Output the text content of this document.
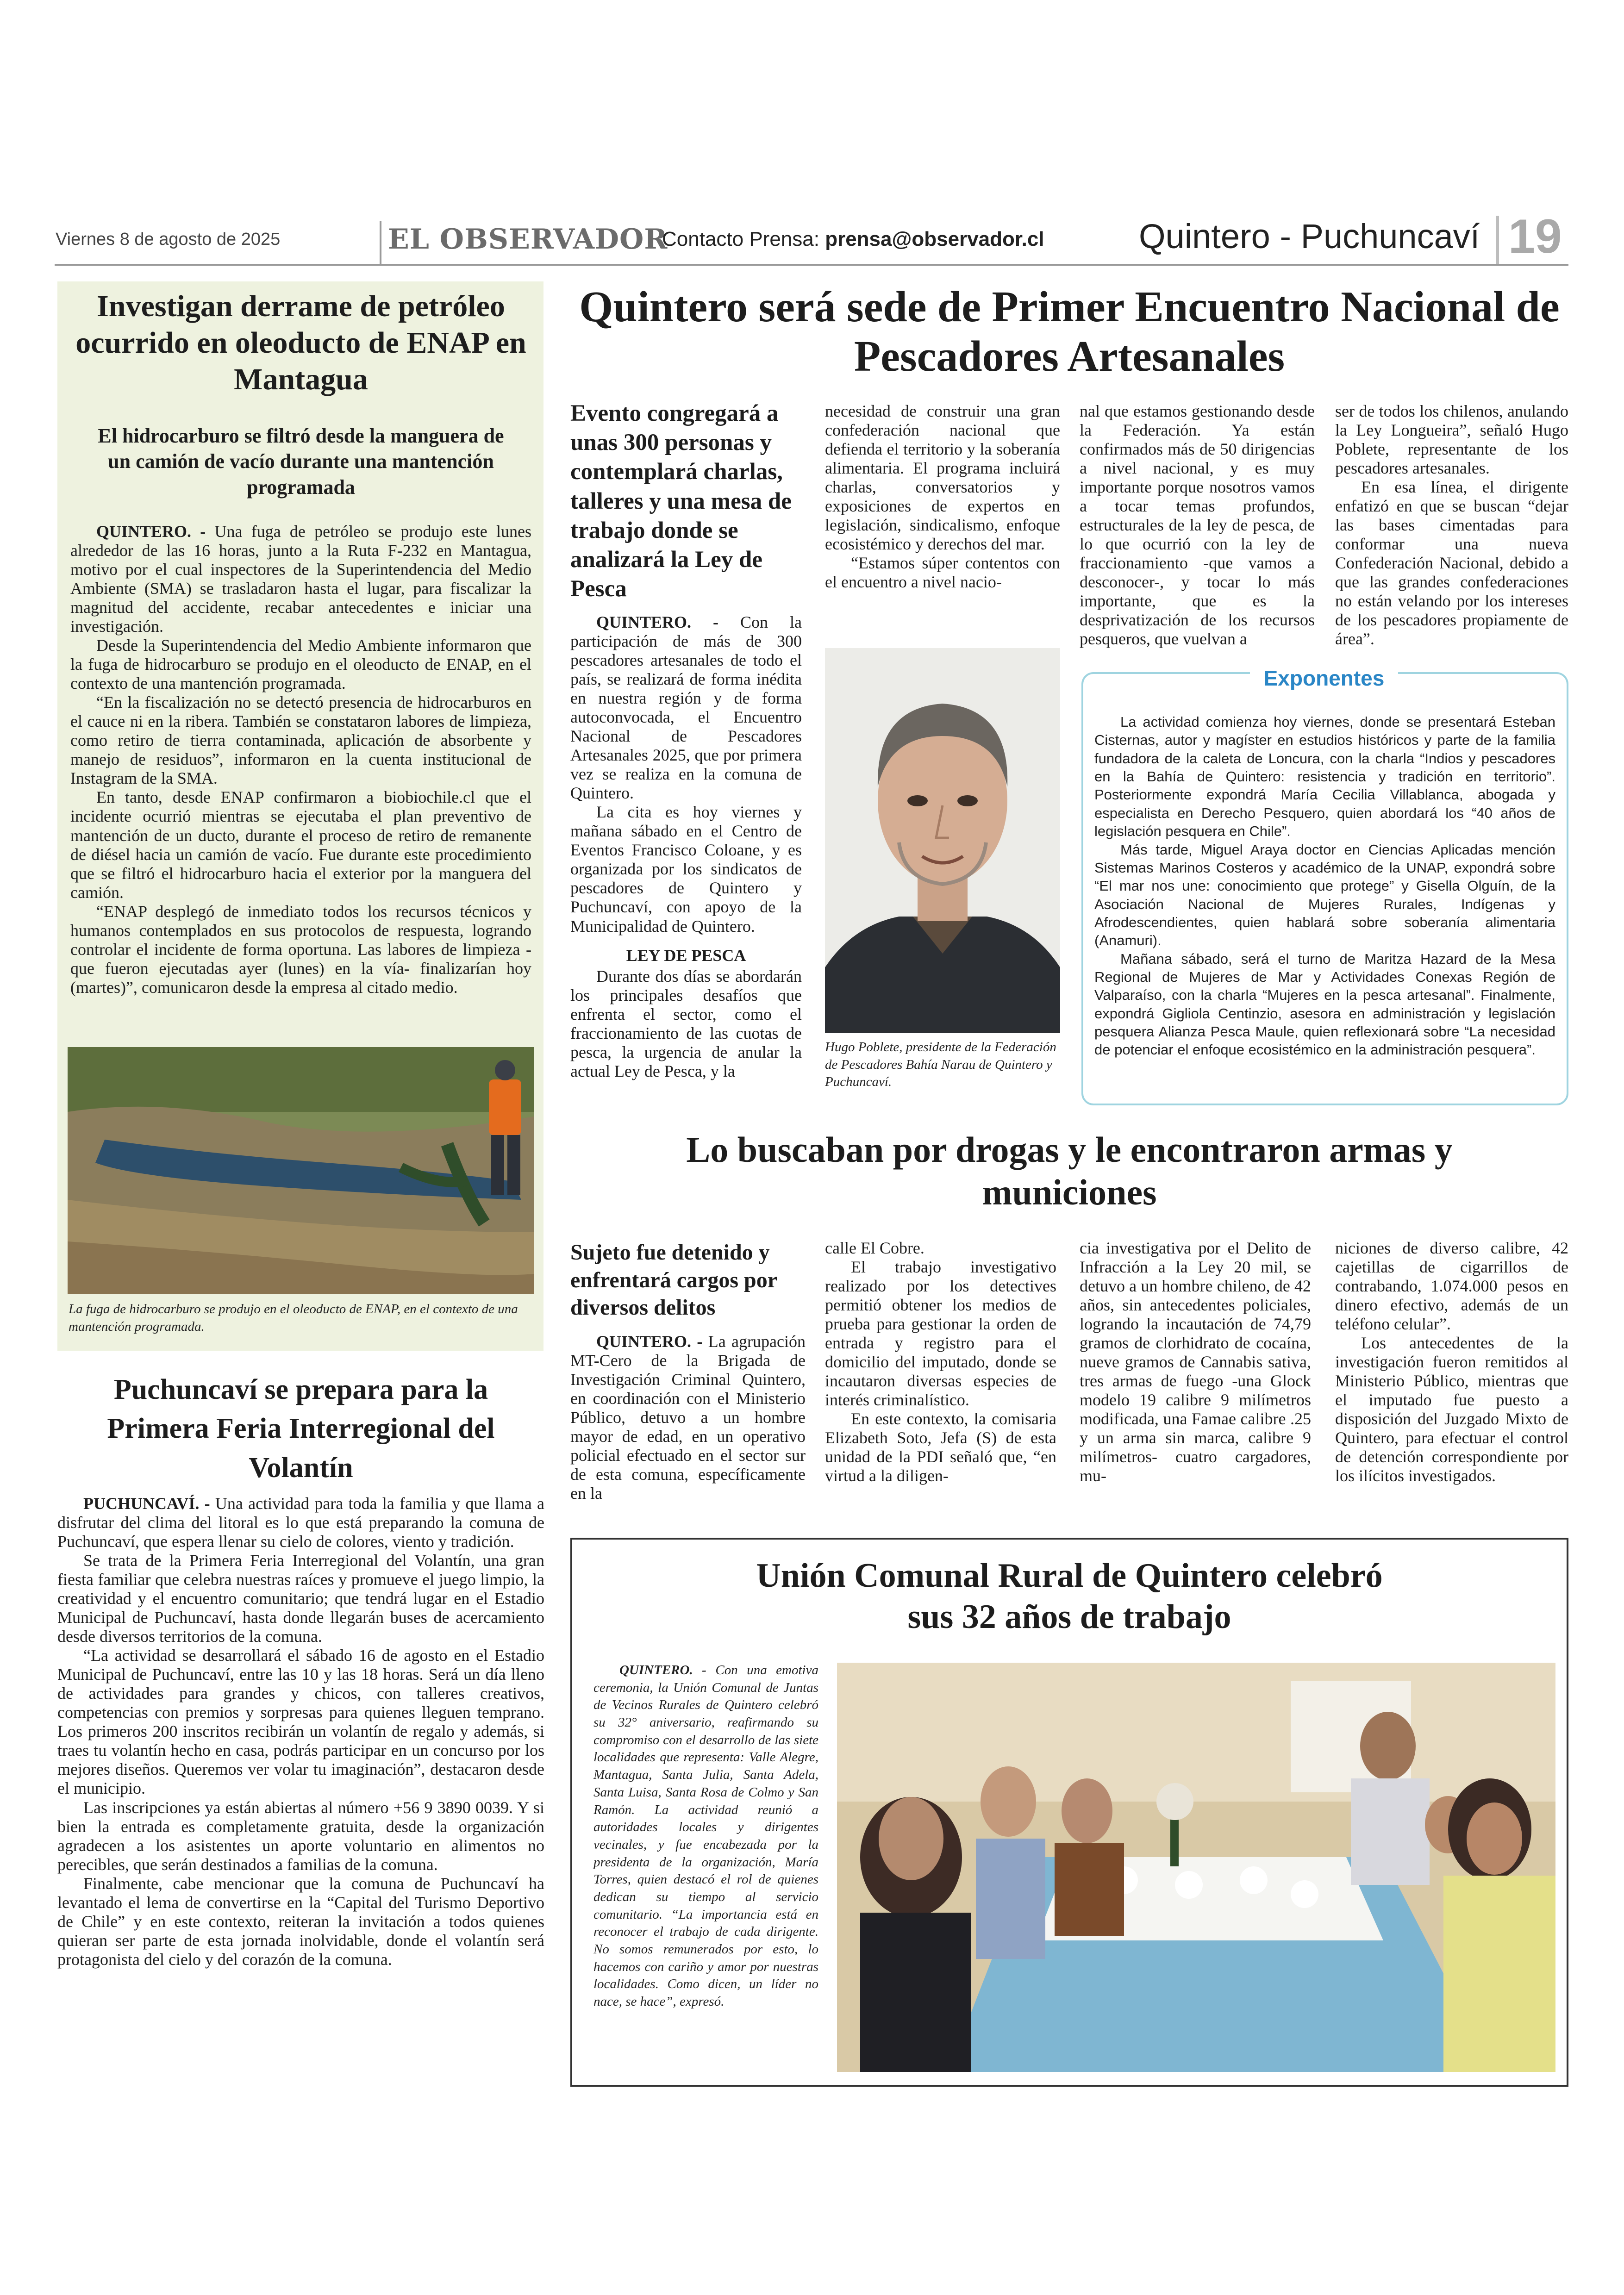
Viernes 8 de agosto de 2025	EL OBSERVADOR
Contacto Prensa: prensa@observador.cl	Quintero - Puchuncaví 19
Investigan derrame de petróleo ocurrido en oleoducto de ENAP en Mantagua
El hidrocarburo se filtró desde la manguera de un camión de vacío durante una mantención programada

QUINTERO. - Una fuga de petróleo se produjo este lunes alrededor de las 16 horas, junto a la Ruta F-232 en Mantagua, motivo por el cual inspectores de la Superintendencia del Medio Ambiente (SMA) se trasladaron hasta el lugar, para fiscalizar la magnitud del accidente, recabar antecedentes e iniciar una investigación.

Desde la Superintendencia del Medio Ambiente informaron que la fuga de hidrocarburo se produjo en el oleoducto de ENAP, en el contexto de una mantención programada.

“En la fiscalización no se detectó presencia de hidrocarburos en el cauce ni en la ribera. También se constataron labores de limpieza, como retiro de tierra contaminada, aplicación de absorbente y manejo de residuos”, informaron en la cuenta institucional de Instagram de la SMA.

En tanto, desde ENAP confirmaron a biobiochile.cl que el incidente ocurrió mientras se ejecutaba el plan preventivo de mantención de un ducto, durante el proceso de retiro de remanente de diésel hacia un camión de vacío. Fue durante este procedimiento que se filtró el hidrocarburo hacia el exterior por la manguera del camión.

“ENAP desplegó de inmediato todos los recursos técnicos y humanos contemplados en sus protocolos de respuesta, logrando controlar el incidente de forma oportuna. Las labores de limpieza -que fueron ejecutadas ayer (lunes) en la vía- finalizarían hoy (martes)”, comunicaron desde la empresa al citado medio.

La fuga de hidrocarburo se produjo en el oleoducto de ENAP, en el contexto de una mantención programada.
Puchuncaví se prepara para la Primera Feria Interregional del Volantín

PUCHUNCAVÍ. - Una actividad para toda la familia y que llama a disfrutar del clima del litoral es lo que está preparando la comuna de Puchuncaví, que espera llenar su cielo de colores, viento y tradición.

Se trata de la Primera Feria Interregional del Volantín, una gran fiesta familiar que celebra nuestras raíces y promueve el juego limpio, la creatividad y el encuentro comunitario; que tendrá lugar en el Estadio Municipal de Puchuncaví, hasta donde llegarán buses de acercamiento desde diversos territorios de la comuna.

“La actividad se desarrollará el sábado 16 de agosto en el Estadio Municipal de Puchuncaví, entre las 10 y las 18 horas. Será un día lleno de actividades para grandes y chicos, con talleres creativos, competencias con premios y sorpresas para quienes lleguen temprano. Los primeros 200 inscritos recibirán un volantín de regalo y además, si traes tu volantín hecho en casa, podrás participar en un concurso por los mejores diseños. Queremos ver volar tu imaginación”, destacaron desde el municipio.

Las inscripciones ya están abiertas al número +56 9 3890 0039. Y si bien la entrada es completamente gratuita, desde la organización agradecen a los asistentes un aporte voluntario en alimentos no perecibles, que serán destinados a familias de la comuna.

Finalmente, cabe mencionar que la comuna de Puchuncaví ha levantado el lema de convertirse en la “Capital del Turismo Deportivo de Chile” y en este contexto, reiteran la invitación a todos quienes quieran ser parte de esta jornada inolvidable, donde el volantín será protagonista del cielo y del corazón de la comuna.

Quintero será sede de Primer Encuentro Nacional de Pescadores Artesanales
Evento congregará a unas 300 personas y contemplará charlas, talleres y una mesa de trabajo donde se analizará la Ley de Pesca

QUINTERO. - Con la participación de más de 300 pescadores artesanales de todo el país, se realizará de forma inédita en nuestra región y de forma autoconvocada, el Encuentro Nacional de Pescadores Artesanales 2025, que por primera vez se realiza en la comuna de Quintero.

La cita es hoy viernes y mañana sábado en el Centro de Eventos Francisco Coloane, y es organizada por los sindicatos de pescadores de Quintero y Puchuncaví, con apoyo de la Municipalidad de Quintero.

LEY DE PESCA

Durante dos días se abordarán los principales desafíos que enfrenta el sector, como el fraccionamiento de las cuotas de pesca, la urgencia de anular la actual Ley de Pesca, y la

necesidad de construir una gran confederación nacional que defienda el territorio y la soberanía alimentaria. El programa incluirá charlas, conversatorios y exposiciones de expertos en legislación, sindicalismo, enfoque ecosistémico y derechos del mar.

“Estamos súper contentos con el encuentro a nivel nacio-

Hugo Poblete, presidente de la Federación de Pescadores Bahía Narau de Quintero y Puchuncaví.

nal que estamos gestionando desde la Federación. Ya están confirmados más de 50 dirigencias a nivel nacional, y es muy importante porque nosotros vamos a tocar temas profundos, estructurales de la ley de pesca, de lo que ocurrió con la ley de fraccionamiento -que vamos a desconocer-, y tocar lo más importante, que es la desprivatización de los recursos pesqueros, que vuelvan a

ser de todos los chilenos, anulando la Ley Longueira”, señaló Hugo Poblete, representante de los pescadores artesanales.

En esa línea, el dirigente enfatizó en que se buscan “dejar las bases cimentadas para conformar una nueva Confederación Nacional, debido a que las grandes confederaciones no están velando por los intereses de los pescadores propiamente de área”.

Exponentes

La actividad comienza hoy viernes, donde se presentará Esteban Cisternas, autor y magíster en estudios históricos y parte de la familia fundadora de la caleta de Loncura, con la charla “Indios y pescadores en la Bahía de Quintero: resistencia y tradición en territorio”. Posteriormente expondrá María Cecilia Villablanca, abogada y especialista en Derecho Pesquero, quien abordará los “40 años de legislación pesquera en Chile”.

Más tarde, Miguel Araya doctor en Ciencias Aplicadas mención Sistemas Marinos Costeros y académico de la UNAP, expondrá sobre “El mar nos une: conocimiento que protege” y Gisella Olguín, de la Asociación Nacional de Mujeres Rurales, Indígenas y Afrodescendientes, quien hablará sobre soberanía alimentaria (Anamuri).

Mañana sábado, será el turno de Maritza Hazard de la Mesa Regional de Mujeres de Mar y Actividades Conexas Región de Valparaíso, con la charla “Mujeres en la pesca artesanal”. Finalmente, expondrá Gigliola Centinzio, asesora en administración y legislación pesquera Alianza Pesca Maule, quien reflexionará sobre “La necesidad de potenciar el enfoque ecosistémico en la administración pesquera”.

Lo buscaban por drogas y le encontraron armas y municiones
Sujeto fue detenido y enfrentará cargos por diversos delitos

QUINTERO. - La agrupación MT-Cero de la Brigada de Investigación Criminal Quintero, en coordinación con el Ministerio Público, detuvo a un hombre mayor de edad, en un operativo policial efectuado en el sector sur de esta comuna, específicamente en la

calle El Cobre.

El trabajo investigativo realizado por los detectives permitió obtener los medios de prueba para gestionar la orden de entrada y registro para el domicilio del imputado, donde se incautaron diversas especies de interés criminalístico.

En este contexto, la comisaria Elizabeth Soto, Jefa (S) de esta unidad de la PDI señaló que, “en virtud a la diligen-

cia investigativa por el Delito de Infracción a la Ley 20 mil, se detuvo a un hombre chileno, de 42 años, sin antecedentes policiales, logrando la incautación de 74,79 gramos de clorhidrato de cocaína, nueve gramos de Cannabis sativa, tres armas de fuego -una Glock modelo 19 calibre 9 milímetros modificada, una Famae calibre .25 y un arma sin marca, calibre 9 milímetros- cuatro cargadores, mu-

niciones de diverso calibre, 42 cajetillas de cigarrillos de contrabando, 1.074.000 pesos en dinero efectivo, además de un teléfono celular”.

Los antecedentes de la investigación fueron remitidos al Ministerio Público, mientras que el imputado fue puesto a disposición del Juzgado Mixto de Quintero, para efectuar el control de detención correspondiente por los ilícitos investigados.

Unión Comunal Rural de Quintero celebró sus 32 años de trabajo

QUINTERO. - Con una emotiva ceremonia, la Unión Comunal de Juntas de Vecinos Rurales de Quintero celebró su 32° aniversario, reafirmando su compromiso con el desarrollo de las siete localidades que representa: Valle Alegre, Mantagua, Santa Julia, Santa Adela, Santa Luisa, Santa Rosa de Colmo y San Ramón. La actividad reunió a autoridades locales y dirigentes vecinales, y fue encabezada por la presidenta de la organización, María Torres, quien destacó el rol de quienes dedican su tiempo al servicio comunitario. “La importancia está en reconocer el trabajo de cada dirigente. No somos remunerados por esto, lo hacemos con cariño y amor por nuestras localidades. Como dicen, un líder no nace, se hace”, expresó.
